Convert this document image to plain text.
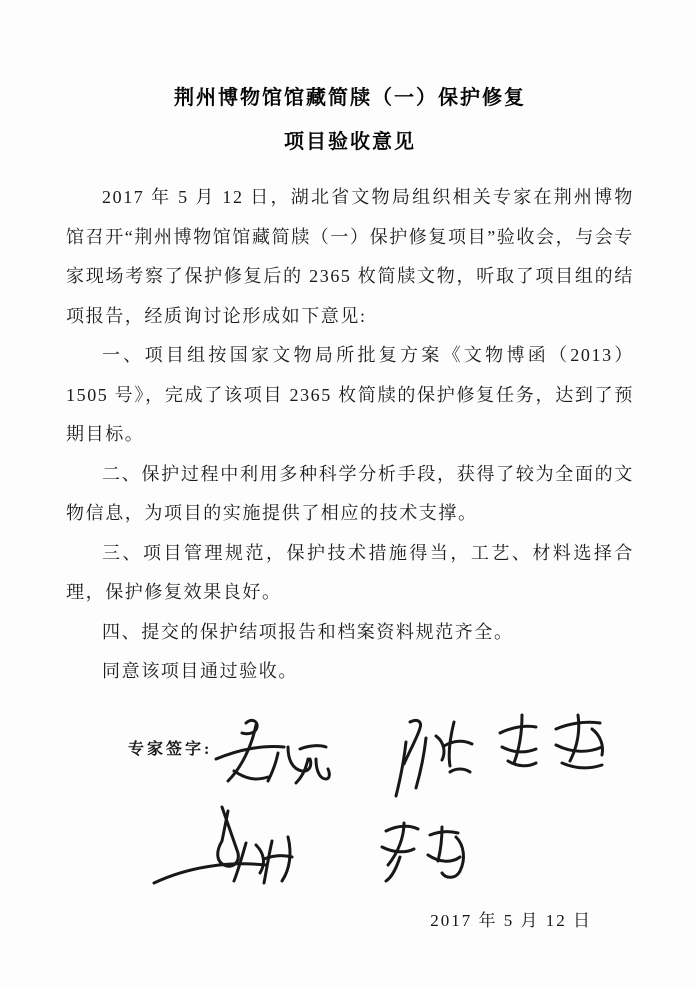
荆州博物馆馆藏简牍（一）保护修复
项目验收意见

2017 年 5 月 12 日，湖北省文物局组织相关专家在荆州博物馆召开“荆州博物馆馆藏简牍（一）保护修复项目”验收会，与会专家现场考察了保护修复后的 2365 枚简牍文物，听取了项目组的结项报告，经质询讨论形成如下意见:

一、项目组按国家文物局所批复方案《文物博函（2013）1505 号》，完成了该项目 2365 枚简牍的保护修复任务，达到了预期目标。

二、保护过程中利用多种科学分析手段，获得了较为全面的文物信息，为项目的实施提供了相应的技术支撑。

三、项目管理规范，保护技术措施得当，工艺、材料选择合理，保护修复效果良好。

四、提交的保护结项报告和档案资料规范齐全。

同意该项目通过验收。

专家签字:
2017 年 5 月 12 日
